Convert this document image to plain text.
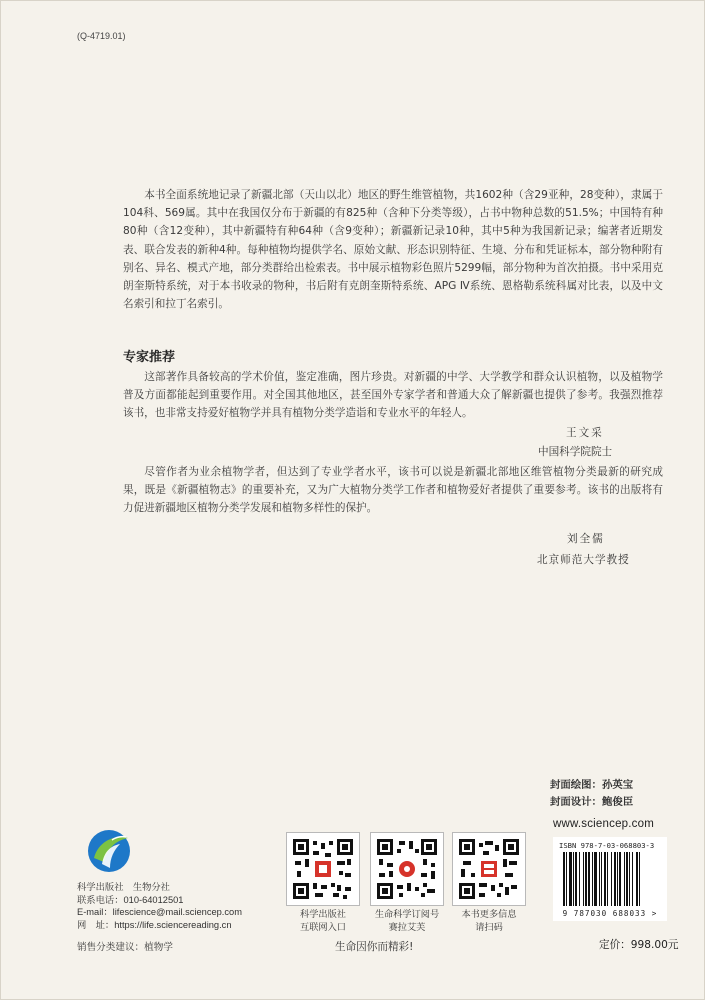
(Q-4719.01)
本书全面系统地记录了新疆北部（天山以北）地区的野生维管植物，共1602种（含29亚种，28变种），隶属于104科、569属。其中在我国仅分布于新疆的有825种（含种下分类等级），占书中物种总数的51.5%；中国特有种80种（含12变种），其中新疆特有种64种（含9变种）；新疆新记录10种，其中5种为我国新记录；编著者近期发表、联合发表的新种4种。每种植物均提供学名、原始文献、形态识别特征、生境、分布和凭证标本，部分物种附有别名、异名、模式产地，部分类群给出检索表。书中展示植物彩色照片5299幅，部分物种为首次拍摄。书中采用克朗奎斯特系统，对于本书收录的物种，书后附有克朗奎斯特系统、APG Ⅳ系统、恩格勒系统科属对比表，以及中文名索引和拉丁名索引。
专家推荐
这部著作具备较高的学术价值，鉴定准确，图片珍贵。对新疆的中学、大学教学和群众认识植物，以及植物学普及方面都能起到重要作用。对全国其他地区，甚至国外专家学者和普通大众了解新疆也提供了参考。我强烈推荐该书，也非常支持爱好植物学并具有植物分类学造诣和专业水平的年轻人。
王文采
中国科学院院士
尽管作者为业余植物学者，但达到了专业学者水平，该书可以说是新疆北部地区维管植物分类最新的研究成果，既是《新疆植物志》的重要补充，又为广大植物分类学工作者和植物爱好者提供了重要参考。该书的出版将有力促进新疆地区植物分类学发展和植物多样性的保护。
刘全儒
北京师范大学教授
封面绘图：孙英宝
封面设计：鲍俊臣
科学出版社　生物分社
联系电话：010-64012501
E-mail：lifescience@mail.sciencep.com
网　址：https://life.sciencereading.cn
科学出版社
互联网入口
生命科学订阅号
赛拉艾芙
本书更多信息
请扫码
生命因你而精彩!
www.sciencep.com
ISBN 978-7-03-068803-3
9 787030 688033 >
定价：998.00元
销售分类建议：植物学
